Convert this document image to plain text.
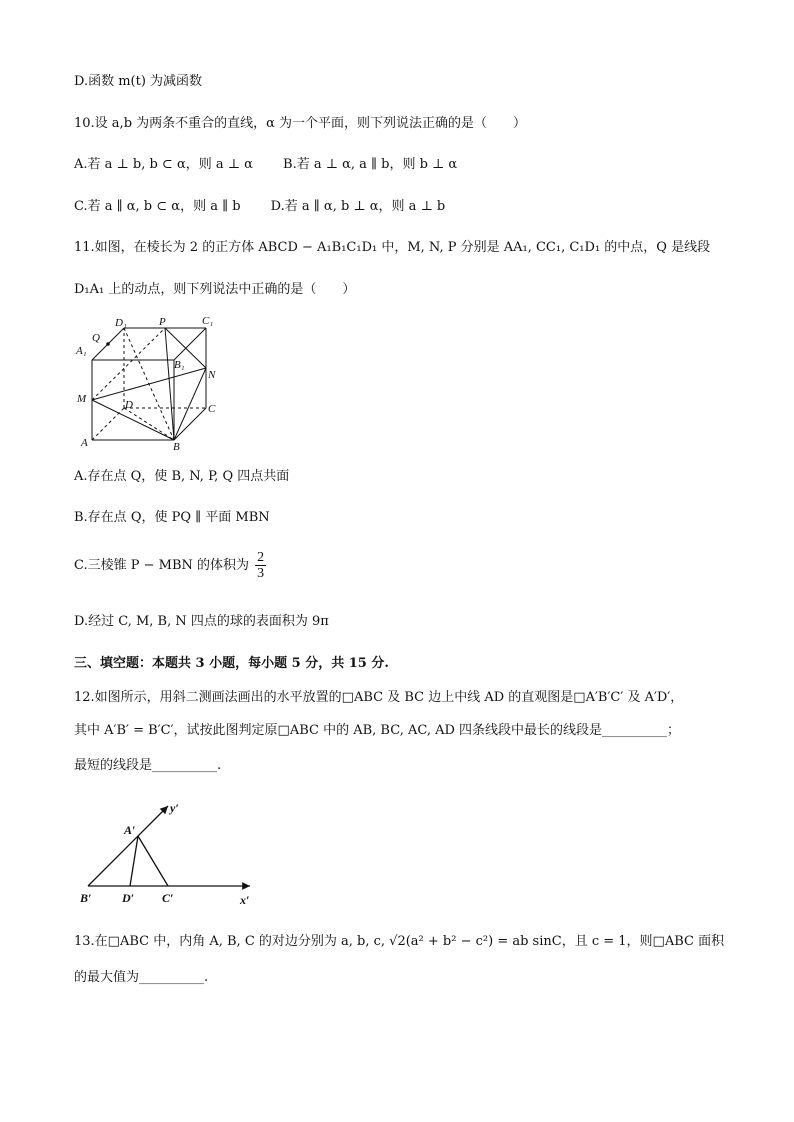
D.函数 m(t) 为减函数
10.设 a,b 为两条不重合的直线，α 为一个平面，则下列说法正确的是（　　）
A.若 a ⊥ b, b ⊂ α，则 a ⊥ α　　 B.若 a ⊥ α, a ∥ b，则 b ⊥ α
C.若 a ∥ α, b ⊂ α，则 a ∥ b　　 D.若 a ∥ α, b ⊥ α，则 a ⊥ b
11.如图，在棱长为 2 的正方体 ABCD − A₁B₁C₁D₁ 中，M, N, P 分别是 AA₁, CC₁, C₁D₁ 的中点，Q 是线段
D₁A₁ 上的动点，则下列说法中正确的是（　　）
A	B
C
D
A₁
B₁
C₁
D₁
M
N
P
Q
A.存在点 Q，使 B, N, P, Q 四点共面
B.存在点 Q，使 PQ ∥ 平面 MBN
C.三棱锥 P − MBN 的体积为 $\frac{2}{3}$
D.经过 C, M, B, N 四点的球的表面积为 9π
三、填空题：本题共 3 小题，每小题 5 分，共 15 分.
12.如图所示，用斜二测画法画出的水平放置的□ABC 及 BC 边上中线 AD 的直观图是□A′B′C′ 及 A′D′，
其中 A′B′ = B′C′，试按此图判定原□ABC 中的 AB, BC, AC, AD 四条线段中最长的线段是__________；
最短的线段是__________.
y′
x′
A′
B′	D′ C′
13.在□ABC 中，内角 A, B, C 的对边分别为 a, b, c, √2(a² + b² − c²) = ab sinC，且 c = 1，则□ABC 面积
的最大值为__________.
